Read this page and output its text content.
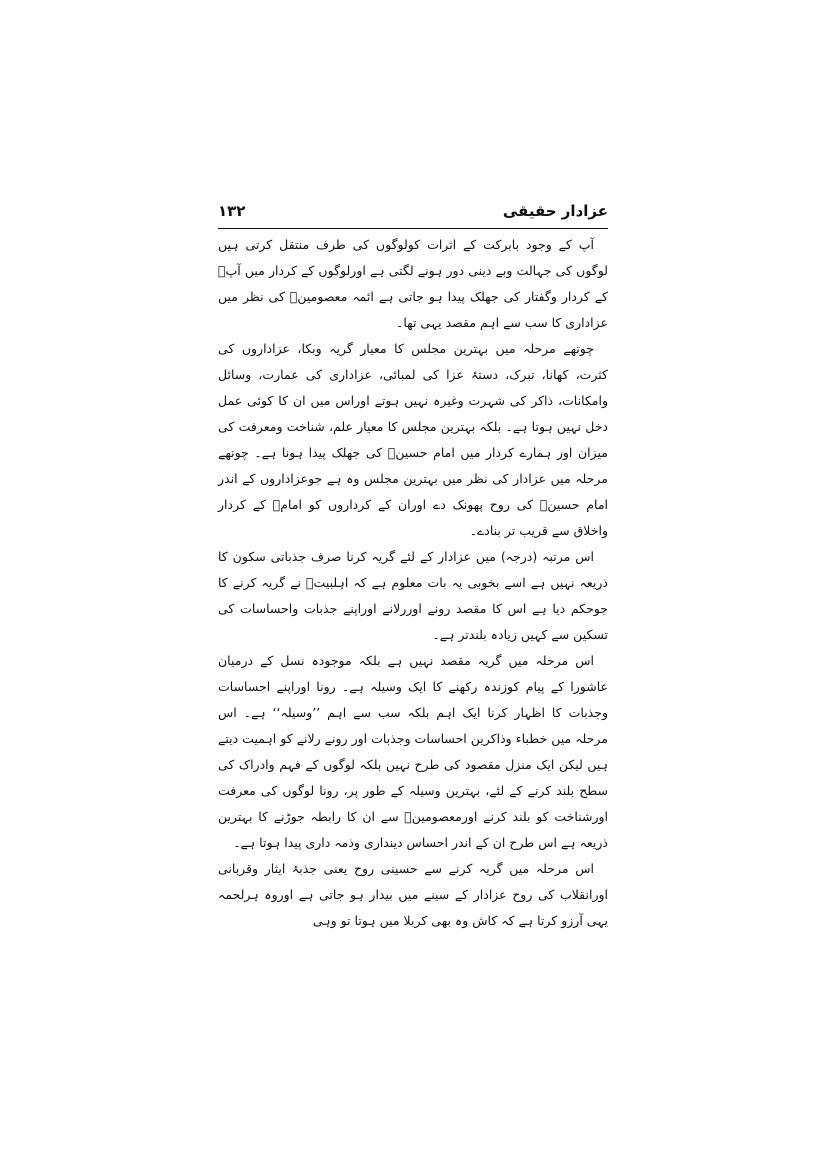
عزادار حقیقی
۱۳۲

آپ کے وجود بابرکت کے اثرات کولوگوں کی طرف منتقل کرتی ہیں لوگوں کی جہالت وبے دینی دور ہونے لگتی ہے اورلوگوں کے کردار میں آپؑ کے کردار وگفتار کی جھلک پیدا ہو جاتی ہے ائمہ معصومینؑ کی نظر میں عزاداری کا سب سے اہم مقصد یہی تھا۔

چوتھے مرحلہ میں بہترین مجلس کا معیار گریہ وبکا، عزاداروں کی کثرت، کھانا، تبرک، دستۂ عزا کی لمبائی، عزاداری کی عمارت، وسائل وامکانات، ذاکر کی شہرت وغیرہ نہیں ہوتے اوراس میں ان کا کوئی عمل دخل نہیں ہوتا ہے۔ بلکہ بہترین مجلس کا معیار علم، شناخت ومعرفت کی میزان اور ہمارے کردار میں امام حسینؑ کی جھلک پیدا ہونا ہے۔ چوتھے مرحلہ میں عزادار کی نظر میں بہترین مجلس وہ ہے جوعزاداروں کے اندر امام حسینؑ کی روح پھونک دے اوران کے کرداروں کو امامؑ کے کردار واخلاق سے قریب تر بنادے۔

اس مرتبہ (درجہ) میں عزادار کے لئے گریہ کرنا صرف جذباتی سکون کا ذریعہ نہیں ہے اسے بخوبی یہ بات معلوم ہے کہ اہلبیتؑ نے گریہ کرنے کا جوحکم دیا ہے اس کا مقصد رونے اوررلانے اوراپنے جذبات واحساسات کی تسکین سے کہیں زیادہ بلندتر ہے۔

اس مرحلہ میں گریہ مقصد نہیں ہے بلکہ موجودہ نسل کے درمیان عاشورا کے پیام کوزندہ رکھنے کا ایک وسیلہ ہے۔ رونا اوراپنے احساسات وجذبات کا اظہار کرنا ایک اہم بلکہ سب سے اہم ’’وسیلہ‘‘ ہے۔ اس مرحلہ میں خطباء وذاکرین احساسات وجذبات اور رونے رلانے کو اہمیت دیتے ہیں لیکن ایک منزل مقصود کی طرح نہیں بلکہ لوگوں کے فہم وادراک کی سطح بلند کرنے کے لئے، بہترین وسیلہ کے طور پر، رونا لوگوں کی معرفت اورشناخت کو بلند کرنے اورمعصومینؑ سے ان کا رابطہ جوڑنے کا بہترین ذریعہ ہے اس طرح ان کے اندر احساس دینداری وذمہ داری پیدا ہوتا ہے۔

اس مرحلہ میں گریہ کرنے سے حسینی روح یعنی جذبۂ ایثار وقربانی اورانقلاب کی روح عزادار کے سینے میں بیدار ہو جاتی ہے اوروہ ہرلحمہ یہی آرزو کرتا ہے کہ کاش وہ بھی کربلا میں ہوتا تو وہی
